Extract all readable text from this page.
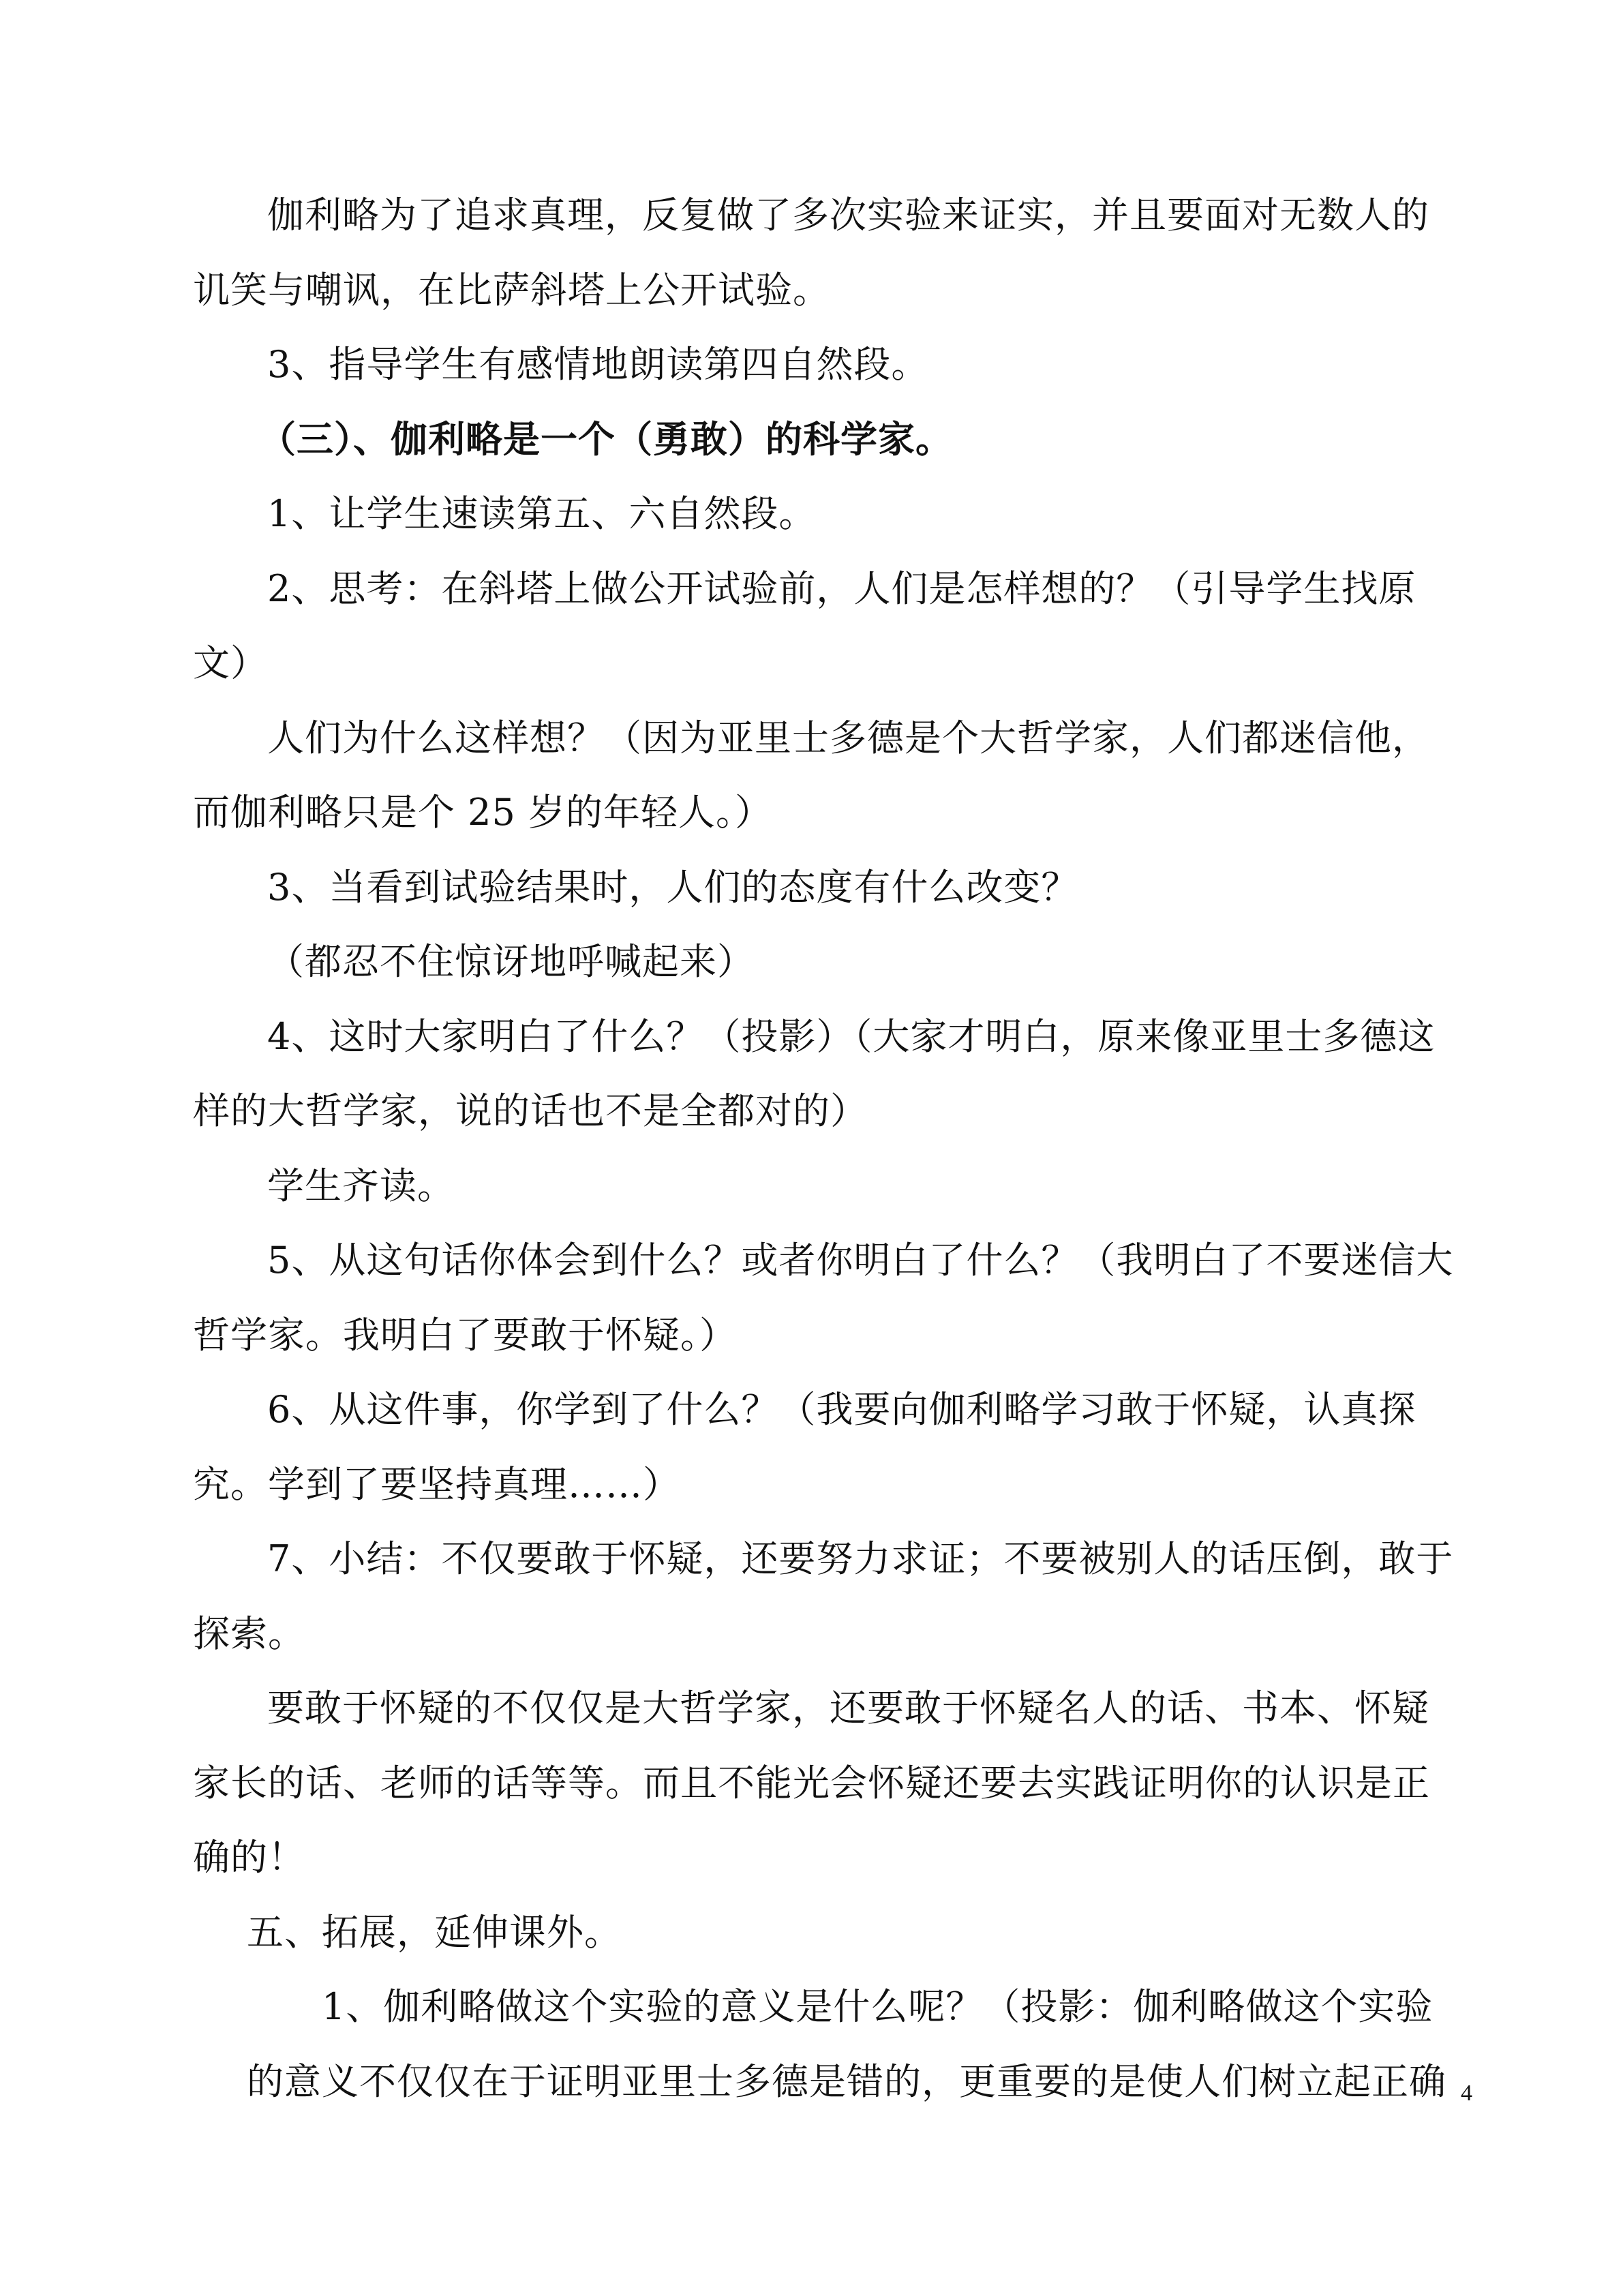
伽利略为了追求真理，反复做了多次实验来证实，并且要面对无数人的
讥笑与嘲讽，在比萨斜塔上公开试验。
3、指导学生有感情地朗读第四自然段。
（三）、伽利略是一个（勇敢）的科学家。
1、让学生速读第五、六自然段。
2、思考：在斜塔上做公开试验前，人们是怎样想的？（引导学生找原
文）
人们为什么这样想？（因为亚里士多德是个大哲学家，人们都迷信他，
而伽利略只是个 25 岁的年轻人。）
3、当看到试验结果时，人们的态度有什么改变？
（都忍不住惊讶地呼喊起来）
4、这时大家明白了什么？（投影）（大家才明白，原来像亚里士多德这
样的大哲学家，说的话也不是全都对的）
学生齐读。
5、从这句话你体会到什么？或者你明白了什么？（我明白了不要迷信大
哲学家。我明白了要敢于怀疑。）
6、从这件事，你学到了什么？（我要向伽利略学习敢于怀疑，认真探
究。学到了要坚持真理……）
7、小结：不仅要敢于怀疑，还要努力求证；不要被别人的话压倒，敢于
探索。
要敢于怀疑的不仅仅是大哲学家，还要敢于怀疑名人的话、书本、怀疑
家长的话、老师的话等等。而且不能光会怀疑还要去实践证明你的认识是正
确的！
五、拓展，延伸课外。
1、伽利略做这个实验的意义是什么呢？（投影：伽利略做这个实验
的意义不仅仅在于证明亚里士多德是错的，更重要的是使人们树立起正确 4
